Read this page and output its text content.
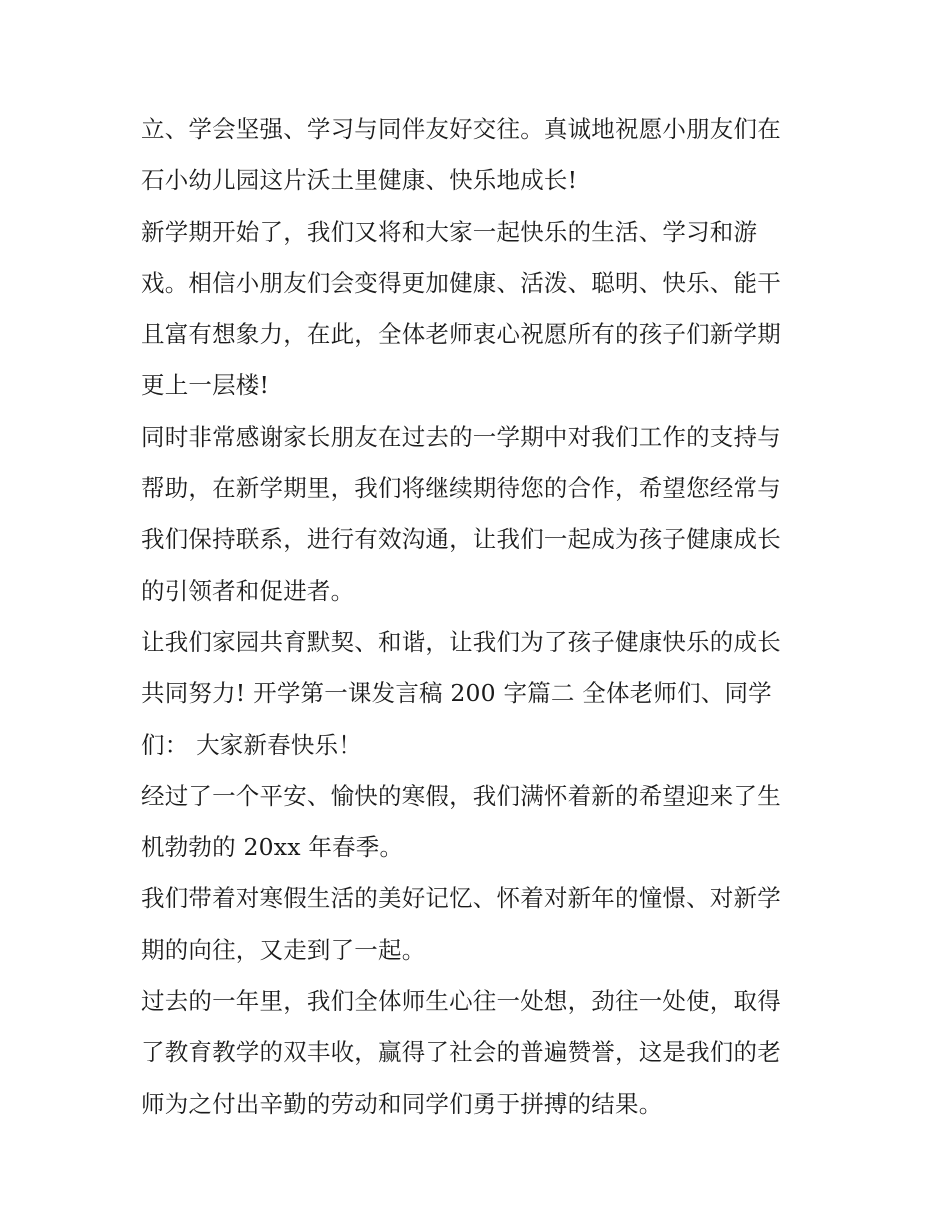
立、学会坚强、学习与同伴友好交往。真诚地祝愿小朋友们在
石小幼儿园这片沃土里健康、快乐地成长!
新学期开始了，我们又将和大家一起快乐的生活、学习和游
戏。相信小朋友们会变得更加健康、活泼、聪明、快乐、能干
且富有想象力，在此，全体老师衷心祝愿所有的孩子们新学期
更上一层楼!
同时非常感谢家长朋友在过去的一学期中对我们工作的支持与
帮助，在新学期里，我们将继续期待您的合作，希望您经常与
我们保持联系，进行有效沟通，让我们一起成为孩子健康成长
的引领者和促进者。
让我们家园共育默契、和谐，让我们为了孩子健康快乐的成长
共同努力! 开学第一课发言稿 200 字篇二 全体老师们、同学
们： 大家新春快乐！
经过了一个平安、愉快的寒假，我们满怀着新的希望迎来了生
机勃勃的 20xx 年春季。
我们带着对寒假生活的美好记忆、怀着对新年的憧憬、对新学
期的向往，又走到了一起。
过去的一年里，我们全体师生心往一处想，劲往一处使，取得
了教育教学的双丰收，赢得了社会的普遍赞誉，这是我们的老
师为之付出辛勤的劳动和同学们勇于拼搏的结果。
